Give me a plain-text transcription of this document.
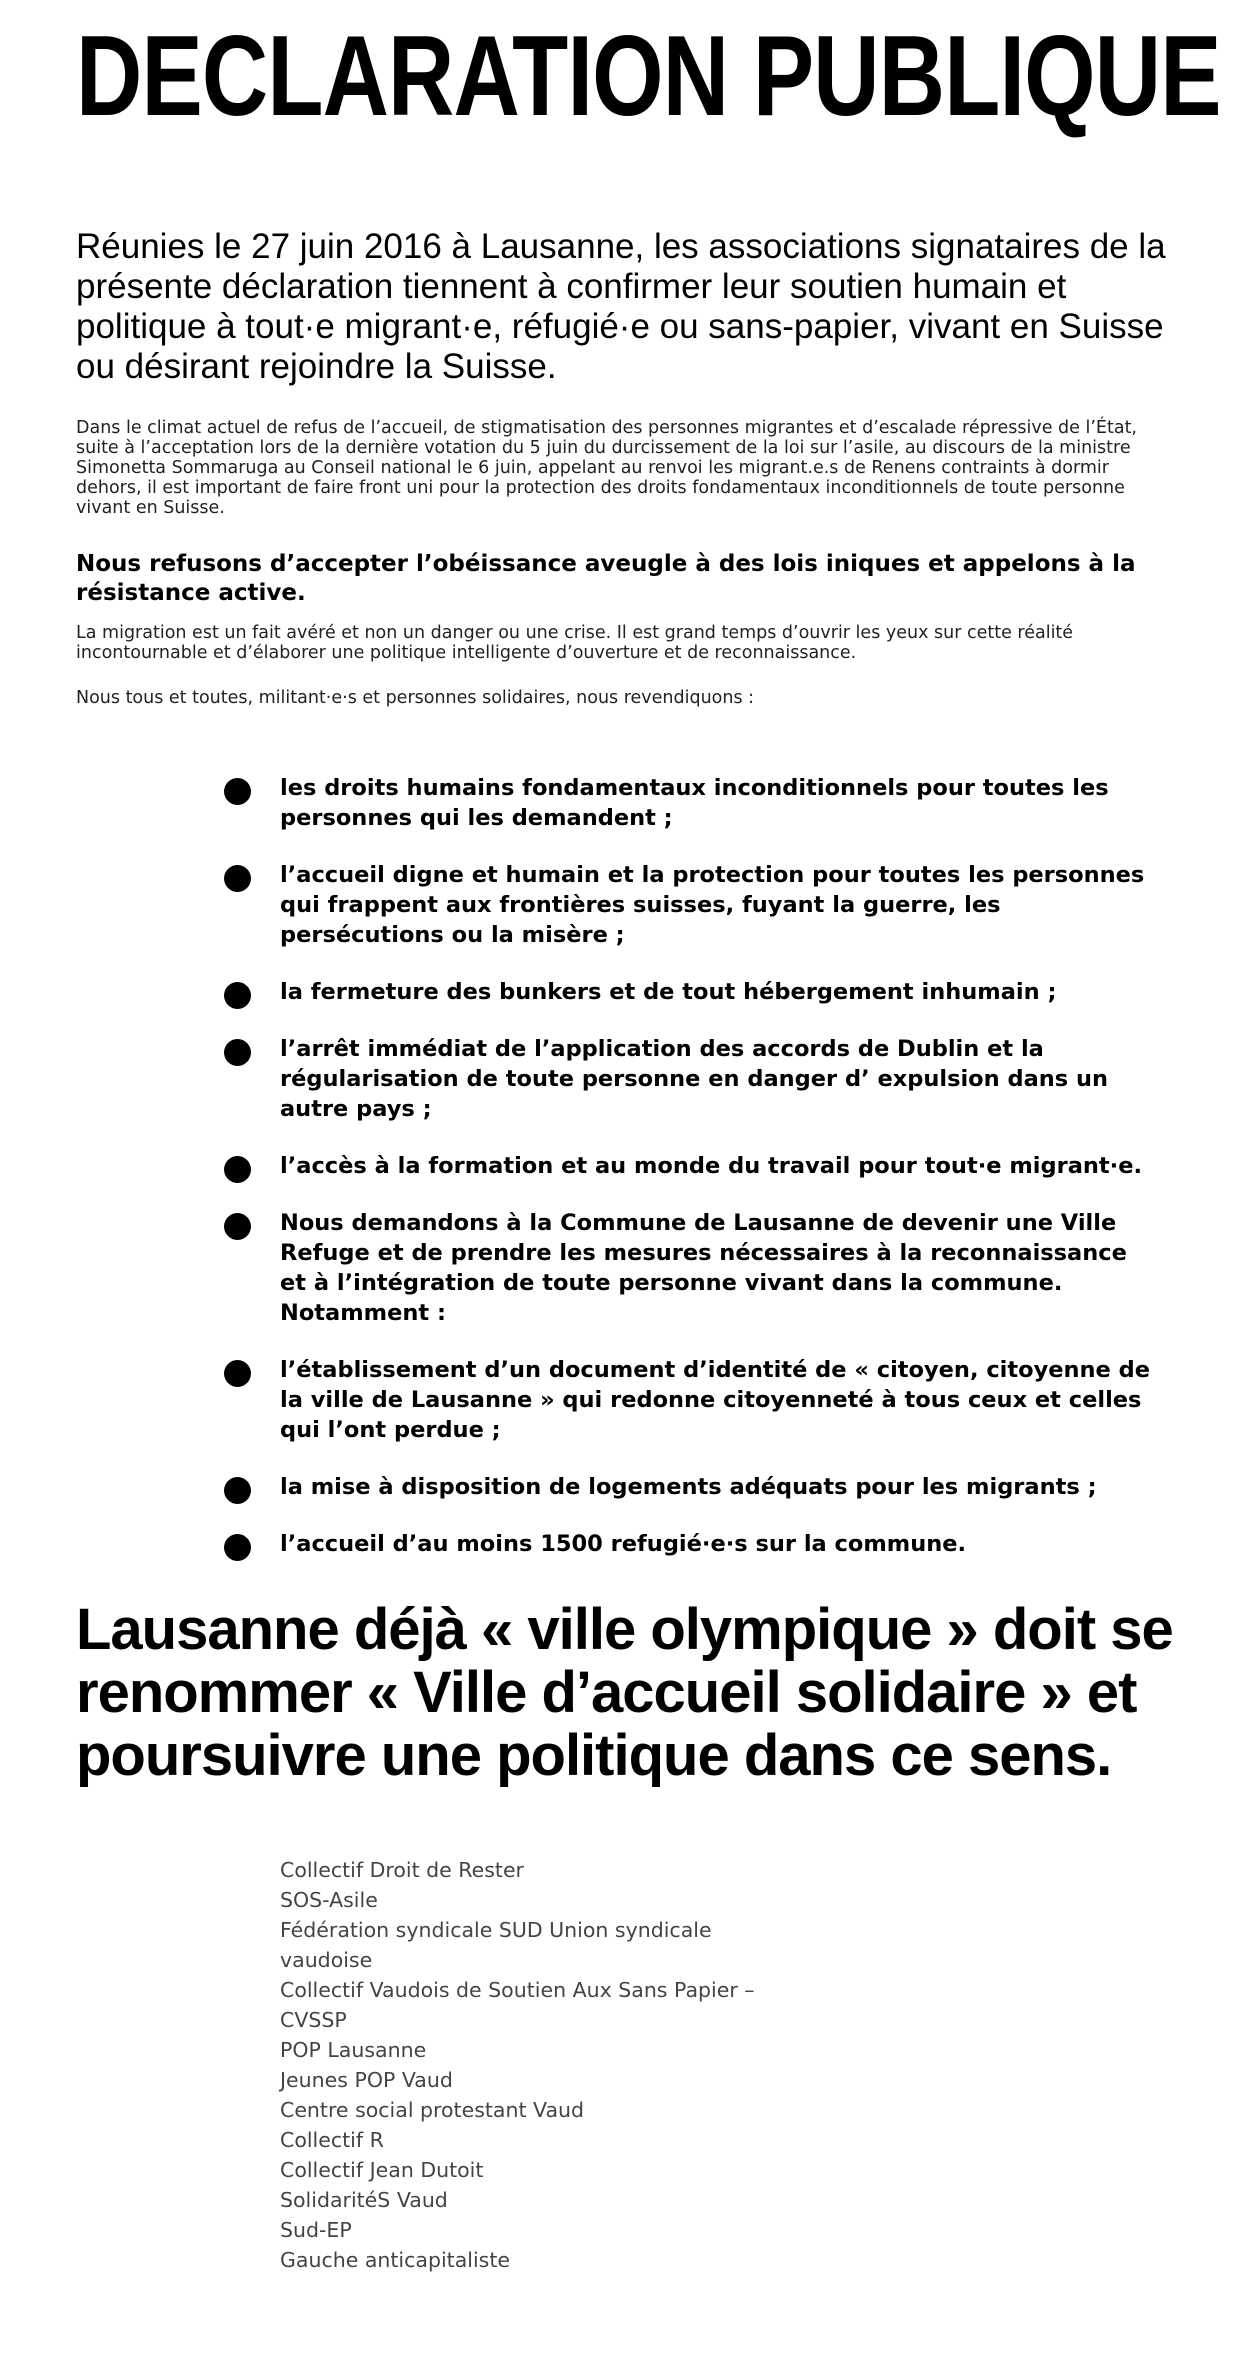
DECLARATION PUBLIQUE

Réunies le 27 juin 2016 à Lausanne, les associations signataires de la présente déclaration tiennent à confirmer leur soutien humain et politique à tout·e migrant·e, réfugié·e ou sans-papier, vivant en Suisse ou désirant rejoindre la Suisse.

Dans le climat actuel de refus de l’accueil, de stigmatisation des personnes migrantes et d’escalade répressive de l’État, suite à l’acceptation lors de la dernière votation du 5 juin du durcissement de la loi sur l’asile, au discours de la ministre Simonetta Sommaruga au Conseil national le 6 juin, appelant au renvoi les migrant.e.s de Renens contraints à dormir dehors, il est important de faire front uni pour la protection des droits fondamentaux inconditionnels de toute personne vivant en Suisse.

Nous refusons d’accepter l’obéissance aveugle à des lois iniques et appelons à la résistance active.

La migration est un fait avéré et non un danger ou une crise. Il est grand temps d’ouvrir les yeux sur cette réalité incontournable et d’élaborer une politique intelligente d’ouverture et de reconnaissance.

Nous tous et toutes, militant·e·s et personnes solidaires, nous revendiquons :

les droits humains fondamentaux inconditionnels pour toutes les personnes qui les demandent ;
l’accueil digne et humain et la protection pour toutes les personnes qui frappent aux frontières suisses, fuyant la guerre, les persécutions ou la misère ;
la fermeture des bunkers et de tout hébergement inhumain ;
l’arrêt immédiat de l’application des accords de Dublin et la régularisation de toute personne en danger d’ expulsion dans un autre pays ;
l’accès à la formation et au monde du travail pour tout·e migrant·e.
Nous demandons à la Commune de Lausanne de devenir une Ville Refuge et de prendre les mesures nécessaires à la reconnaissance et à l’intégration de toute personne vivant dans la commune. Notamment :
l’établissement d’un document d’identité de « citoyen, citoyenne de la ville de Lausanne » qui redonne citoyenneté à tous ceux et celles qui l’ont perdue ;
la mise à disposition de logements adéquats pour les migrants ;
l’accueil d’au moins 1500 refugié·e·s sur la commune.
Lausanne déjà « ville olympique » doit se renommer « Ville d’accueil solidaire » et poursuivre une politique dans ce sens.
Collectif Droit de Rester
SOS-Asile
Fédération syndicale SUD Union syndicale vaudoise
Collectif Vaudois de Soutien Aux Sans Papier –CVSSP
POP Lausanne
Jeunes POP Vaud
Centre social protestant Vaud
Collectif R
Collectif Jean Dutoit
SolidaritéS Vaud
Sud-EP
Gauche anticapitaliste
